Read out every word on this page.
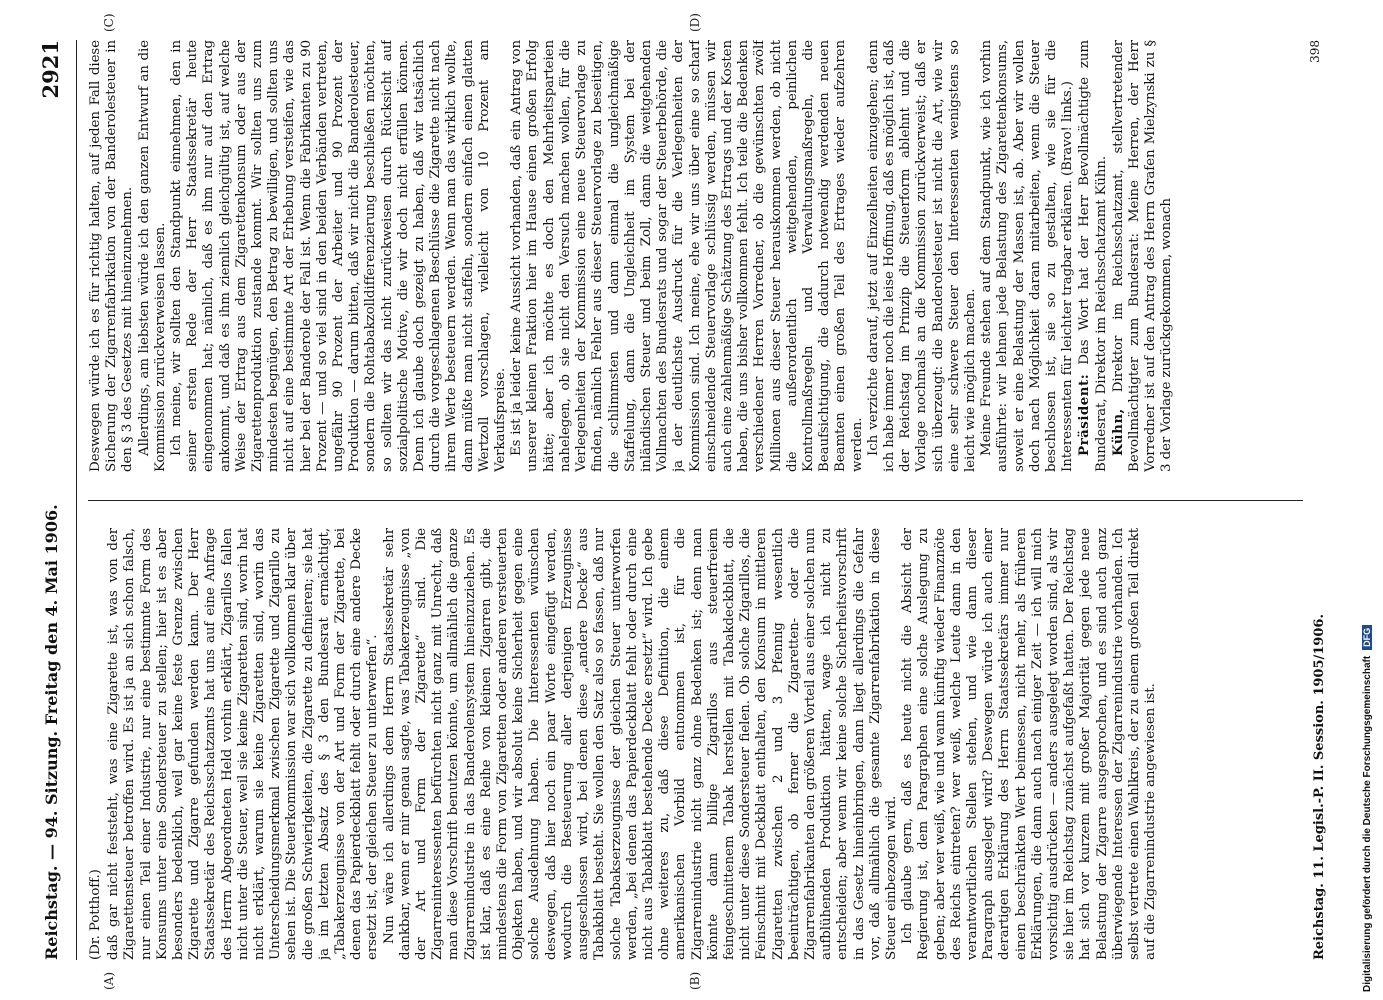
Reichstag. — 94. Sitzung. Freitag den 4. Mai 1906.
2921
(A)	(B)
(C)	(D)
(Dr. Potthoff.) daß gar nicht feststeht, was eine Zigarette ist, was von der Zigarettensteuer betroffen wird. Es ist ja an sich schon falsch, nur einen Teil einer Industrie, nur eine bestimmte Form des Konsums unter eine Sondersteuer zu stellen; hier ist es aber besonders bedenklich, weil gar keine feste Grenze zwischen Zigarette und Zigarre gefunden werden kann. Der Herr Staatssekretär des Reichsschatzamts hat uns auf eine Anfrage des Herrn Abgeordneten Held vorhin erklärt, Zigarillos fallen nicht unter die Steuer, weil sie keine Zigaretten sind, worin hat nicht erklärt, warum sie keine Zigaretten sind, worin das Unterscheidungsmerkmal zwischen Zigarette und Zigarillo zu sehen ist. Die Steuerkommission war sich vollkommen klar über die großen Schwierigkeiten, die Zigarette zu definieren; sie hat ja im letzten Absatz des § 3 den Bundesrat ermächtigt, „Tabakerzeugnisse von der Art und Form der Zigarette, bei denen das Papierdeckblatt fehlt oder durch eine andere Decke ersetzt ist, der gleichen Steuer zu unterwerfen“. Nun wäre ich allerdings dem Herrn Staatssekretär sehr dankbar, wenn er mir genau sagte, was Tabakerzeugnisse „von der Art und Form der Zigarette“ sind. Die Zigarreninteressenten befürchten nicht ganz mit Unrecht, daß man diese Vorschrift benutzen könnte, um allmählich die ganze Zigarrenindustrie in das Banderolensystem hineinzuziehen. Es ist klar, daß es eine Reihe von kleinen Zigarren gibt, die mindestens die Form von Zigaretten oder anderen versteuerten Objekten haben, und wir absolut keine Sicherheit gegen eine solche Ausdehnung haben. Die Interessenten wünschen deswegen, daß hier noch ein paar Worte eingefügt werden, wodurch die Besteuerung aller derjenigen Erzeugnisse ausgeschlossen wird, bei denen diese „andere Decke“ aus Tabakblatt besteht. Sie wollen den Satz also so fassen, daß nur solche Tabakserzeugnisse der gleichen Steuer unterworfen werden, „bei denen das Papierdeckblatt fehlt oder durch eine nicht aus Tabakblatt bestehende Decke ersetzt“ wird. Ich gebe ohne weiteres zu, daß diese Definition, die einem amerikanischen Vorbild entnommen ist, für die Zigarrenindustrie nicht ganz ohne Bedenken ist; denn man könnte dann billige Zigarillos aus steuerfreiem feingeschnittenem Tabak herstellen mit Tabakdeckblatt, die nicht unter diese Sondersteuer fielen. Ob solche Zigarillos, die Feinschnitt mit Deckblatt enthalten, den Konsum in mittleren Zigaretten zwischen 2 und 3 Pfennig wesentlich beeinträchtigen, ob ferner die Zigaretten- oder die Zigarrenfabrikanten den größeren Vorteil aus einer solchen nun aufblühenden Produktion hätten, wage ich nicht zu entscheiden; aber wenn wir keine solche Sicherheitsvorschrift in das Gesetz hineinbringen, dann liegt allerdings die Gefahr vor, daß allmählich die gesamte Zigarrenfabrikation in diese Steuer einbezogen wird. Ich glaube gern, daß es heute nicht die Absicht der Regierung ist, dem Paragraphen eine solche Auslegung zu geben; aber wer weiß, wie und wann künftig wieder Finanznöte des Reichs eintreten? wer weiß, welche Leute dann in den verantwortlichen Stellen stehen, und wie dann dieser Paragraph ausgelegt wird? Deswegen würde ich auch einer derartigen Erklärung des Herrn Staatssekretärs immer nur einen beschränkten Wert beimessen, nicht mehr, als früheren Erklärungen, die dann auch nach einiger Zeit — ich will mich vorsichtig ausdrücken — anders ausgelegt worden sind, als wir sie hier im Reichstag zunächst aufgefaßt hatten. Der Reichstag hat sich vor kurzem mit großer Majorität gegen jede neue Belastung der Zigarre ausgesprochen, und es sind auch ganz überwiegende Interessen der Zigarrenindustrie vorhanden. Ich selbst vertrete einen Wahlkreis, der zu einem großen Teil direkt auf die Zigarrenindustrie angewiesen ist.

Deswegen würde ich es für richtig halten, auf jeden Fall diese Sicherung der Zigarrenfabrikation von der Banderolesteuer in den § 3 des Gesetzes mit hineinzunehmen. Allerdings, am liebsten würde ich den ganzen Entwurf an die Kommission zurückverweisen lassen. Ich meine, wir sollten den Standpunkt einnehmen, den in seiner ersten Rede der Herr Staatssekretär heute eingenommen hat; nämlich, daß es ihm nur auf den Ertrag ankommt, und daß es ihm ziemlich gleichgültig ist, auf welche Weise der Ertrag aus dem Zigarettenkonsum oder aus der Zigarettenproduktion zustande kommt. Wir sollten uns zum mindesten begnügen, den Betrag zu bewilligen, und sollten uns nicht auf eine bestimmte Art der Erhebung versteifen, wie das hier bei der Banderole der Fall ist. Wenn die Fabrikanten zu 90 Prozent — und so viel sind in den beiden Verbänden vertreten, ungefähr 90 Prozent der Arbeiter und 90 Prozent der Produktion — darum bitten, daß wir nicht die Banderolesteuer, sondern die Rohtabakzolldifferenzierung beschließen möchten, so sollten wir das nicht zurückweisen durch Rücksicht auf sozialpolitische Motive, die wir doch nicht erfüllen können. Denn ich glaube doch gezeigt zu haben, daß wir tatsächlich durch die vorgeschlagenen Beschlüsse die Zigarette nicht nach ihrem Werte besteuern werden. Wenn man das wirklich wollte, dann müßte man nicht staffeln, sondern einfach einen glatten Wertzoll vorschlagen, vielleicht von 10 Prozent am Verkaufspreise. Es ist ja leider keine Aussicht vorhanden, daß ein Antrag von unserer kleinen Fraktion hier im Hause einen großen Erfolg hätte; aber ich möchte es doch den Mehrheitsparteien nahelegen, ob sie nicht den Versuch machen wollen, für die Verlegenheiten der Kommission eine neue Steuervorlage zu finden, nämlich Fehler aus dieser Steuervorlage zu beseitigen, die schlimmsten und dann einmal die ungleichmäßige Staffelung, dann die Ungleichheit im System bei der inländischen Steuer und beim Zoll, dann die weitgehenden Vollmachten des Bundesrats und sogar der Steuerbehörde, die ja der deutlichste Ausdruck für die Verlegenheiten der Kommission sind. Ich meine, ehe wir uns über eine so scharf einschneidende Steuervorlage schlüssig werden, müssen wir auch eine zahlenmäßige Schätzung des Ertrags und der Kosten haben, die uns bisher vollkommen fehlt. Ich teile die Bedenken verschiedener Herren Vorredner, ob die gewünschten zwölf Millionen aus dieser Steuer herauskommen werden, ob nicht die außerordentlich weitgehenden, peinlichen Kontrollmaßregeln und Verwaltungsmaßregeln, die Beaufsichtigung, die dadurch notwendig werdenden neuen Beamten einen großen Teil des Ertrages wieder aufzehren werden. Ich verzichte darauf, jetzt auf Einzelheiten einzugehen; denn ich habe immer noch die leise Hoffnung, daß es möglich ist, daß der Reichstag im Prinzip die Steuerform ablehnt und die Vorlage nochmals an die Kommission zurückverweist; daß er sich überzeugt: die Banderolesteuer ist nicht die Art, wie wir eine sehr schwere Steuer den Interessenten wenigstens so leicht wie möglich machen. Meine Freunde stehen auf dem Standpunkt, wie ich vorhin ausführte: wir lehnen jede Belastung des Zigarettenkonsums, soweit er eine Belastung der Massen ist, ab. Aber wir wollen doch nach Möglichkeit daran mitarbeiten, wenn die Steuer beschlossen ist, sie so zu gestalten, wie sie für die Interessenten für leichter tragbar erklären. (Bravo! links.) Präsident: Das Wort hat der Herr Bevollmächtigte zum Bundesrat, Direktor im Reichsschatzamt Kühn. Kühn, Direktor im Reichsschatzamt, stellvertretender Bevollmächtigter zum Bundesrat: Meine Herren, der Herr Vorredner ist auf den Antrag des Herrn Grafen Mielzynski zu § 3 der Vorlage zurückgekommen, wonach

Reichstag. 11. Legisl.-P. II. Session. 1905/1906.
398
Digitalisierung gefördert durch die Deutsche ForschungsgemeinschaftDFG
